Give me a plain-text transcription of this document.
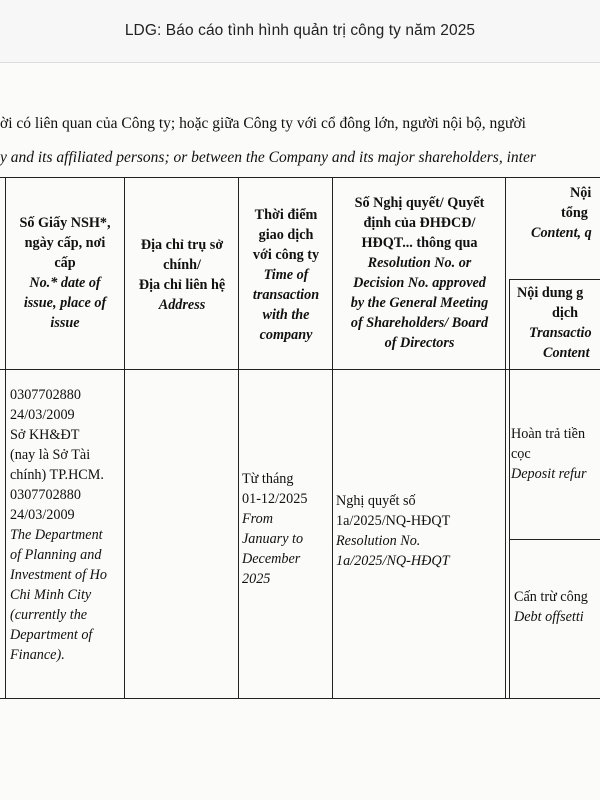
LDG: Báo cáo tình hình quản trị công ty năm 2025
ời có liên quan của Công ty; hoặc giữa Công ty với cổ đông lớn, người nội bộ, người
y and its affiliated persons; or between the Company and its major shareholders, inter
Số Giấy NSH*,
ngày cấp, nơi
cấp
No.* date of
issue, place of
issue
Địa chỉ trụ sở
chính/
Địa chỉ liên hệ
Address
Thời điểm
giao dịch
với công ty
Time of
transaction
with the
company
Số Nghị quyết/ Quyết
định của ĐHĐCĐ/
HĐQT... thông qua
Resolution No. or
Decision No. approved
by the General Meeting
of Shareholders/ Board
of Directors
Nội
tổng
Content, q
Nội dung g
dịch
Transactio
Content
0307702880
24/03/2009
Sở KH&ĐT
(nay là Sở Tài
chính) TP.HCM.
0307702880
24/03/2009
The Department
of Planning and
Investment of Ho
Chi Minh City
(currently the
Department of
Finance).
Từ tháng
01-12/2025
From
January to
December
2025
Nghị quyết số
1a/2025/NQ-HĐQT
Resolution No.
1a/2025/NQ-HĐQT
Hoàn trả tiền
cọc
Deposit refur
Cấn trừ công
Debt offsetti
